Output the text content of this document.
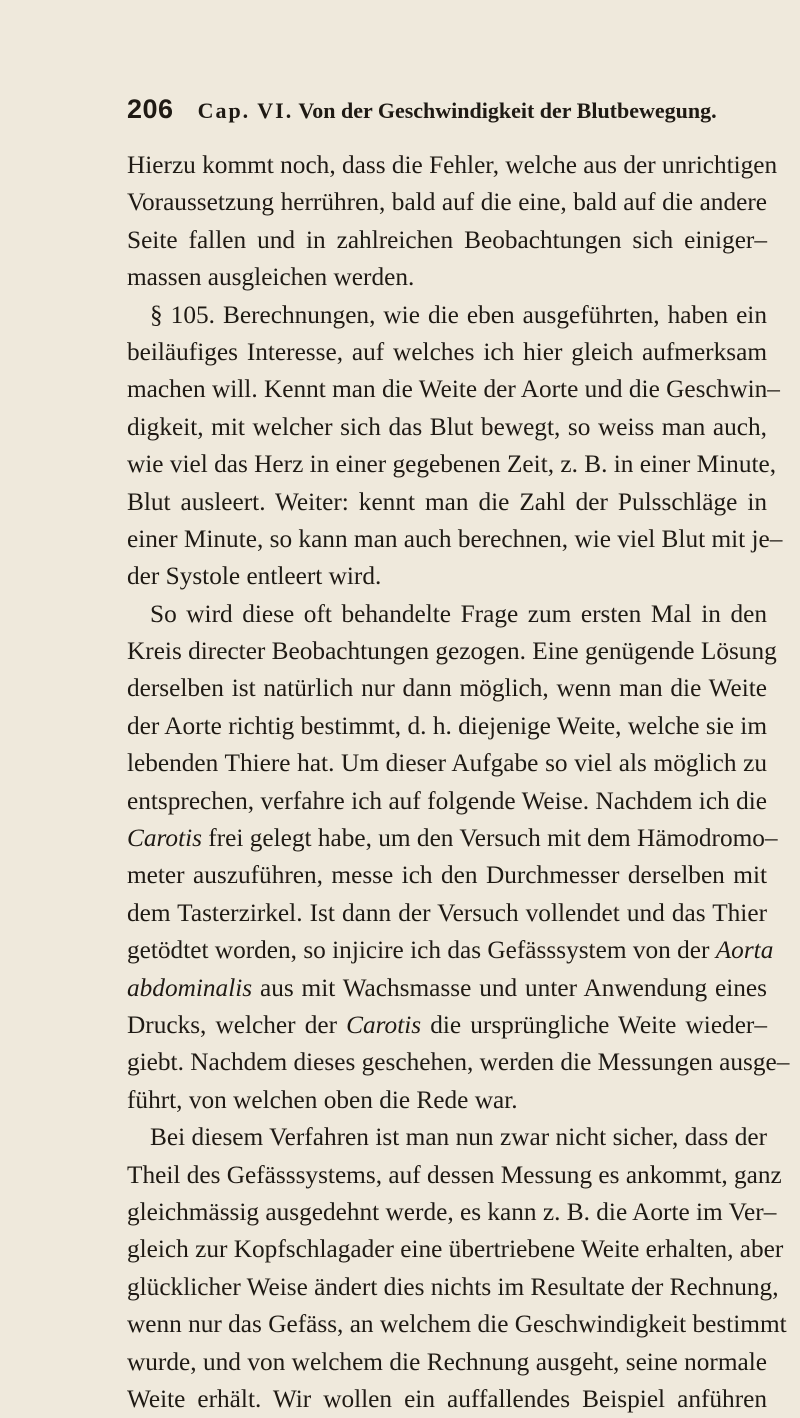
206 Cap. VI. Von der Geschwindigkeit der Blutbewegung.
Hierzu kommt noch, dass die Fehler, welche aus der unrichtigen
Voraussetzung herrühren, bald auf die eine, bald auf die andere
Seite fallen und in zahlreichen Beobachtungen sich einiger–
massen ausgleichen werden.
§ 105. Berechnungen, wie die eben ausgeführten, haben ein
beiläufiges Interesse, auf welches ich hier gleich aufmerksam
machen will. Kennt man die Weite der Aorte und die Geschwin–
digkeit, mit welcher sich das Blut bewegt, so weiss man auch,
wie viel das Herz in einer gegebenen Zeit, z. B. in einer Minute,
Blut ausleert. Weiter: kennt man die Zahl der Pulsschläge in
einer Minute, so kann man auch berechnen, wie viel Blut mit je–
der Systole entleert wird.
So wird diese oft behandelte Frage zum ersten Mal in den
Kreis directer Beobachtungen gezogen. Eine genügende Lösung
derselben ist natürlich nur dann möglich, wenn man die Weite
der Aorte richtig bestimmt, d. h. diejenige Weite, welche sie im
lebenden Thiere hat. Um dieser Aufgabe so viel als möglich zu
entsprechen, verfahre ich auf folgende Weise. Nachdem ich die
Carotis frei gelegt habe, um den Versuch mit dem Hämodromo–
meter auszuführen, messe ich den Durchmesser derselben mit
dem Tasterzirkel. Ist dann der Versuch vollendet und das Thier
getödtet worden, so injicire ich das Gefässsystem von der Aorta
abdominalis aus mit Wachsmasse und unter Anwendung eines
Drucks, welcher der Carotis die ursprüngliche Weite wieder–
giebt. Nachdem dieses geschehen, werden die Messungen ausge–
führt, von welchen oben die Rede war.
Bei diesem Verfahren ist man nun zwar nicht sicher, dass der
Theil des Gefässsystems, auf dessen Messung es ankommt, ganz
gleichmässig ausgedehnt werde, es kann z. B. die Aorte im Ver–
gleich zur Kopfschlagader eine übertriebene Weite erhalten, aber
glücklicher Weise ändert dies nichts im Resultate der Rechnung,
wenn nur das Gefäss, an welchem die Geschwindigkeit bestimmt
wurde, und von welchem die Rechnung ausgeht, seine normale
Weite erhält. Wir wollen ein auffallendes Beispiel anführen
